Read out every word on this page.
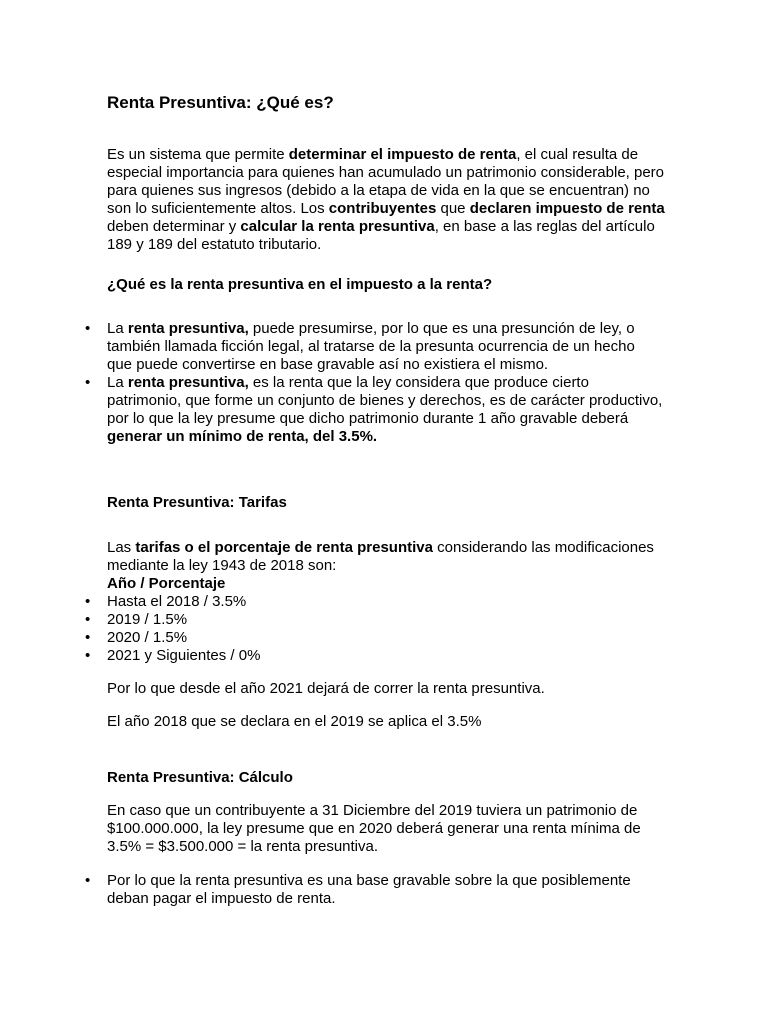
Renta Presuntiva: ¿Qué es?

Es un sistema que permite determinar el impuesto de renta, el cual resulta de especial importancia para quienes han acumulado un patrimonio considerable, pero para quienes sus ingresos (debido a la etapa de vida en la que se encuentran) no son lo suficientemente altos. Los contribuyentes que declaren impuesto de renta deben determinar y calcular la renta presuntiva, en base a las reglas del artículo 189 y 189 del estatuto tributario.

¿Qué es la renta presuntiva en el impuesto a la renta?

• La renta presuntiva, puede presumirse, por lo que es una presunción de ley, o también llamada ficción legal, al tratarse de la presunta ocurrencia de un hecho que puede convertirse en base gravable así no existiera el mismo.
• La renta presuntiva, es la renta que la ley considera que produce cierto patrimonio, que forme un conjunto de bienes y derechos, es de carácter productivo, por lo que la ley presume que dicho patrimonio durante 1 año gravable deberá generar un mínimo de renta, del 3.5%.

Renta Presuntiva: Tarifas

Las tarifas o el porcentaje de renta presuntiva considerando las modificaciones mediante la ley 1943 de 2018 son:

Año / Porcentaje

• Hasta el 2018 / 3.5%
• 2019 / 1.5%
• 2020 / 1.5%
• 2021 y Siguientes / 0%

Por lo que desde el año 2021 dejará de correr la renta presuntiva.

El año 2018 que se declara en el 2019 se aplica el 3.5%

Renta Presuntiva: Cálculo

En caso que un contribuyente a 31 Diciembre del 2019 tuviera un patrimonio de $100.000.000, la ley presume que en 2020 deberá generar una renta mínima de 3.5% = $3.500.000 = la renta presuntiva.

• Por lo que la renta presuntiva es una base gravable sobre la que posiblemente deban pagar el impuesto de renta.
